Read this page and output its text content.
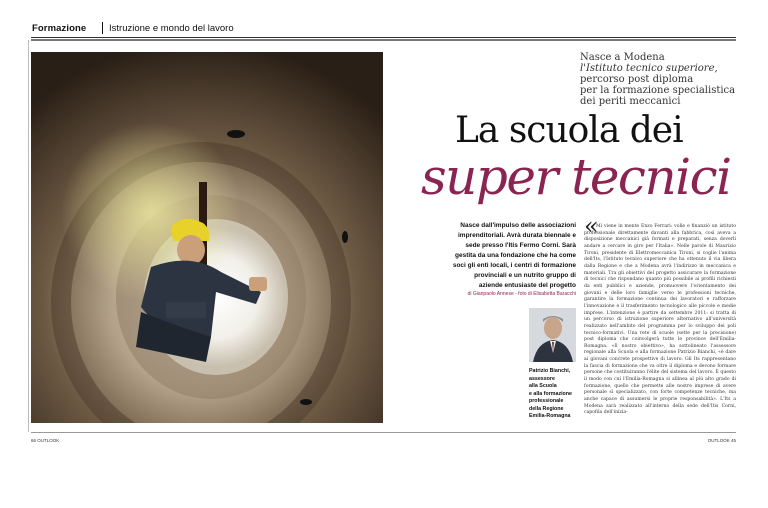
Formazione Istruzione e mondo del lavoro
Nasce a Modena
l'Istituto tecnico superiore,
percorso post diploma
per la formazione specialistica
dei periti meccanici
La scuola dei
super tecnici
Nasce dall'impulso delle associazioni imprenditoriali. Avrà durata biennale e sede presso l'Itis Fermo Corni. Sarà gestita da una fondazione che ha come soci gli enti locali, i centri di formazione provinciali e un nutrito gruppo di aziende entusiaste del progetto
di Gianpaolo Annese - foto di Elisabetta Baracchi
Patrizio Bianchi,
assessore
alla Scuola
e alla formazione
professionale
della Regione
Emilia-Romagna
«
Mi viene in mente Enzo Ferrari: volle e finanziò un istituto professionale direttamente davanti alla fabbrica, così aveva a disposizione meccanici già formati e preparati, senza doverli andare a cercare in giro per l'Italia». Nelle parole di Maurizio Tironi, presidente di Elettromeccanica Tironi, si coglie l'anima dell'Its, l'Istituto tecnico superiore che ha ottenuto il via libera dalla Regione e che a Modena avrà l'indirizzo in meccanica e materiali. Tra gli obiettivi del progetto assicurare la formazione di tecnici che rispondano quanto più possibile ai profili richiesti da enti pubblici e aziende, promuovere l'orientamento dei giovani e delle loro famiglie verso le professioni tecniche, garantire la formazione continua dei lavoratori e rafforzare l'innovazione e il trasferimento tecnologico alle piccole e medie imprese. L'intenzione è partire da settembre 2011: si tratta di un percorso di istruzione superiore alternativo all'università realizzato nell'ambito del programma per lo sviluppo dei poli tecnico-formativi. Una rete di scuole (sette per la precisione) post diploma che coinvolgerà tutte le province dell'Emilia-Romagna. «Il nostro obiettivo», ha sottolineato l'assessore regionale alla Scuola e alla formazione Patrizio Bianchi, «è dare ai giovani concrete prospettive di lavoro. Gli Its rappresentano la fascia di formazione che va oltre il diploma e devono formare persone che costituiranno l'élite del sistema del lavoro. È questo il modo con cui l'Emilia-Romagna si allinea al più alto grado di formazione, quello che permette alle nostre imprese di avere personale sì specializzato, con forte competenze tecniche, ma anche capace di assumersi le proprie responsabilità». L'Its a Modena sarà realizzato all'interno della sede dell'Itis Corni, capofila dell'inizia-
66 OUTLOOK	OUTLOOK 45
